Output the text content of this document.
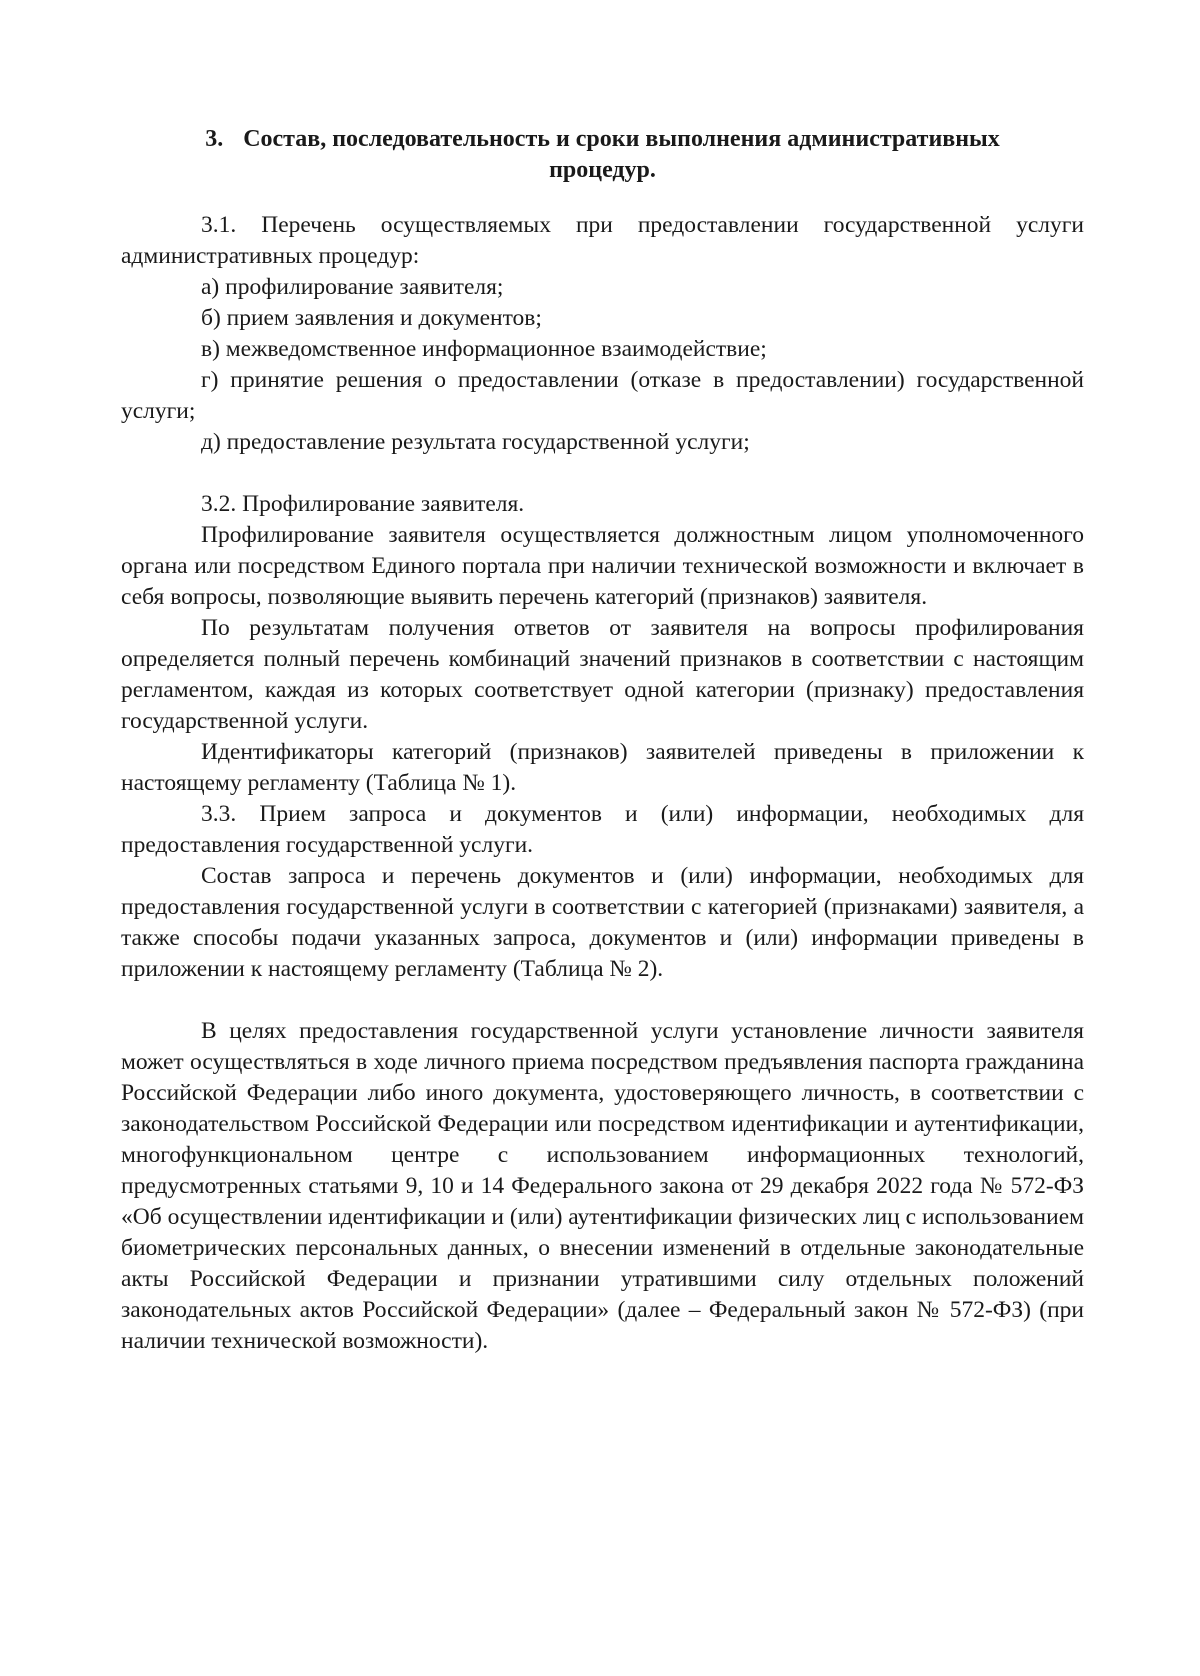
3. Состав, последовательность и сроки выполнения административных процедур.

3.1. Перечень осуществляемых при предоставлении государственной услуги административных процедур:

а) профилирование заявителя;

б) прием заявления и документов;

в) межведомственное информационное взаимодействие;

г) принятие решения о предоставлении (отказе в предоставлении) государственной услуги;

д) предоставление результата государственной услуги;

3.2. Профилирование заявителя.

Профилирование заявителя осуществляется должностным лицом уполномоченного органа или посредством Единого портала при наличии технической возможности и включает в себя вопросы, позволяющие выявить перечень категорий (признаков) заявителя.

По результатам получения ответов от заявителя на вопросы профилирования определяется полный перечень комбинаций значений признаков в соответствии с настоящим регламентом, каждая из которых соответствует одной категории (признаку) предоставления государственной услуги.

Идентификаторы категорий (признаков) заявителей приведены в приложении к настоящему регламенту (Таблица № 1).

3.3. Прием запроса и документов и (или) информации, необходимых для предоставления государственной услуги.

Состав запроса и перечень документов и (или) информации, необходимых для предоставления государственной услуги в соответствии с категорией (признаками) заявителя, а также способы подачи указанных запроса, документов и (или) информации приведены в приложении к настоящему регламенту (Таблица № 2).

В целях предоставления государственной услуги установление личности заявителя может осуществляться в ходе личного приема посредством предъявления паспорта гражданина Российской Федерации либо иного документа, удостоверяющего личность, в соответствии с законодательством Российской Федерации или посредством идентификации и аутентификации, многофункциональном центре с использованием информационных технологий, предусмотренных статьями 9, 10 и 14 Федерального закона от 29 декабря 2022 года № 572-ФЗ «Об осуществлении идентификации и (или) аутентификации физических лиц с использованием биометрических персональных данных, о внесении изменений в отдельные законодательные акты Российской Федерации и признании утратившими силу отдельных положений законодательных актов Российской Федерации» (далее – Федеральный закон № 572-ФЗ) (при наличии технической возможности).
